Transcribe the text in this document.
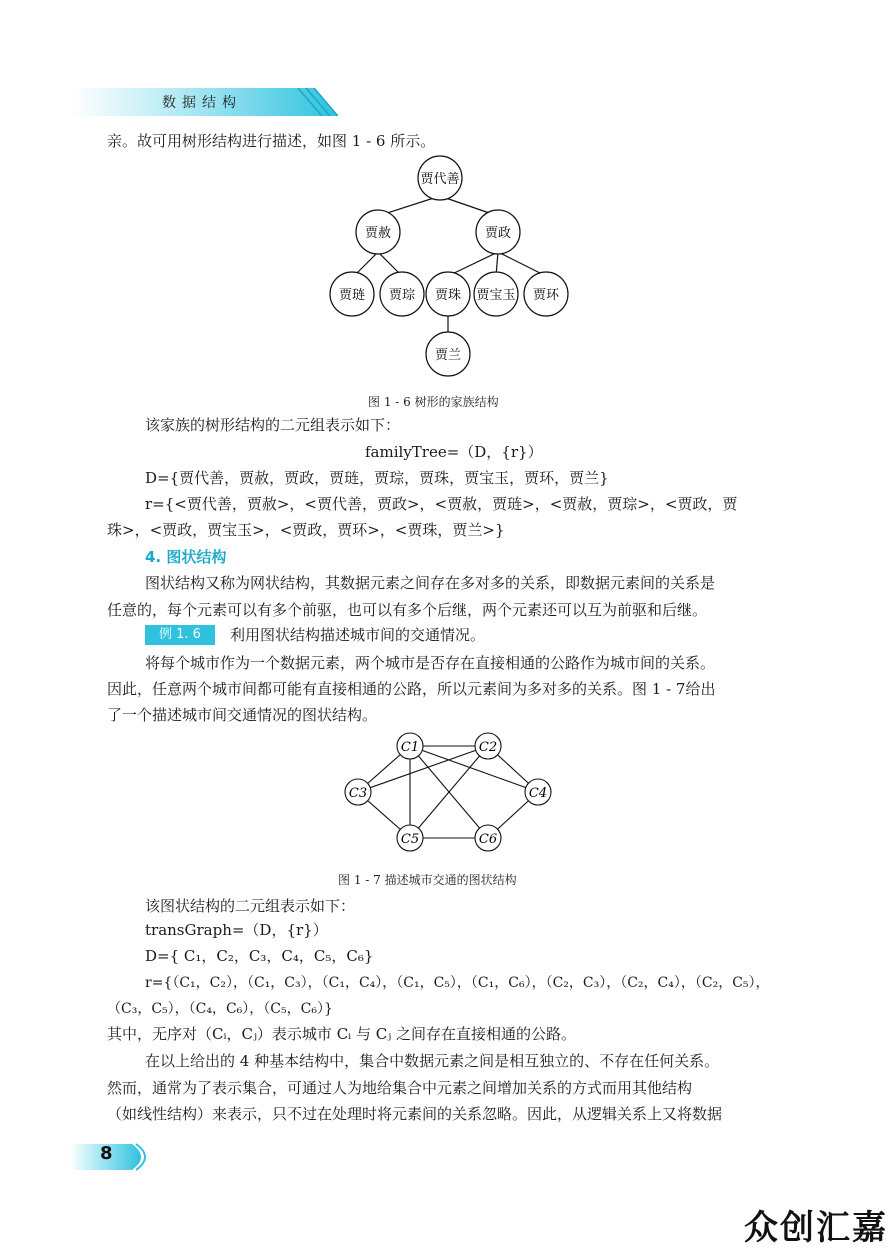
数据结构
亲。故可用树形结构进行描述，如图 1 - 6 所示。
贾代善
贾赦	贾政
贾琏 贾琮 贾珠 贾宝玉 贾环
贾兰
图 1 - 6 树形的家族结构
该家族的树形结构的二元组表示如下：
familyTree=（D，{r}）
D={贾代善，贾赦，贾政，贾琏，贾琮，贾珠，贾宝玉，贾环，贾兰}
r={<贾代善，贾赦>，<贾代善，贾政>，<贾赦，贾琏>，<贾赦，贾琮>，<贾政，贾
珠>，<贾政，贾宝玉>，<贾政，贾环>，<贾珠，贾兰>}
4. 图状结构
图状结构又称为网状结构，其数据元素之间存在多对多的关系，即数据元素间的关系是
任意的，每个元素可以有多个前驱，也可以有多个后继，两个元素还可以互为前驱和后继。
例 1. 6	利用图状结构描述城市间的交通情况。
将每个城市作为一个数据元素，两个城市是否存在直接相通的公路作为城市间的关系。
因此，任意两个城市间都可能有直接相通的公路，所以元素间为多对多的关系。图 1 - 7给出
了一个描述城市间交通情况的图状结构。
C1	C2
C3	C4
C5	C6
图 1 - 7 描述城市交通的图状结构
该图状结构的二元组表示如下：
transGraph=（D，{r}）
D={ C₁，C₂，C₃，C₄，C₅，C₆}
r={（C₁，C₂），（C₁，C₃），（C₁，C₄），（C₁，C₅），（C₁，C₆），（C₂，C₃），（C₂，C₄），（C₂，C₅），
（C₃，C₅），（C₄，C₆），（C₅，C₆）}
其中，无序对（Cᵢ，Cⱼ）表示城市 Cᵢ 与 Cⱼ 之间存在直接相通的公路。
在以上给出的 4 种基本结构中，集合中数据元素之间是相互独立的、不存在任何关系。
然而，通常为了表示集合，可通过人为地给集合中元素之间增加关系的方式而用其他结构
（如线性结构）来表示，只不过在处理时将元素间的关系忽略。因此，从逻辑关系上又将数据
8
众创汇嘉
